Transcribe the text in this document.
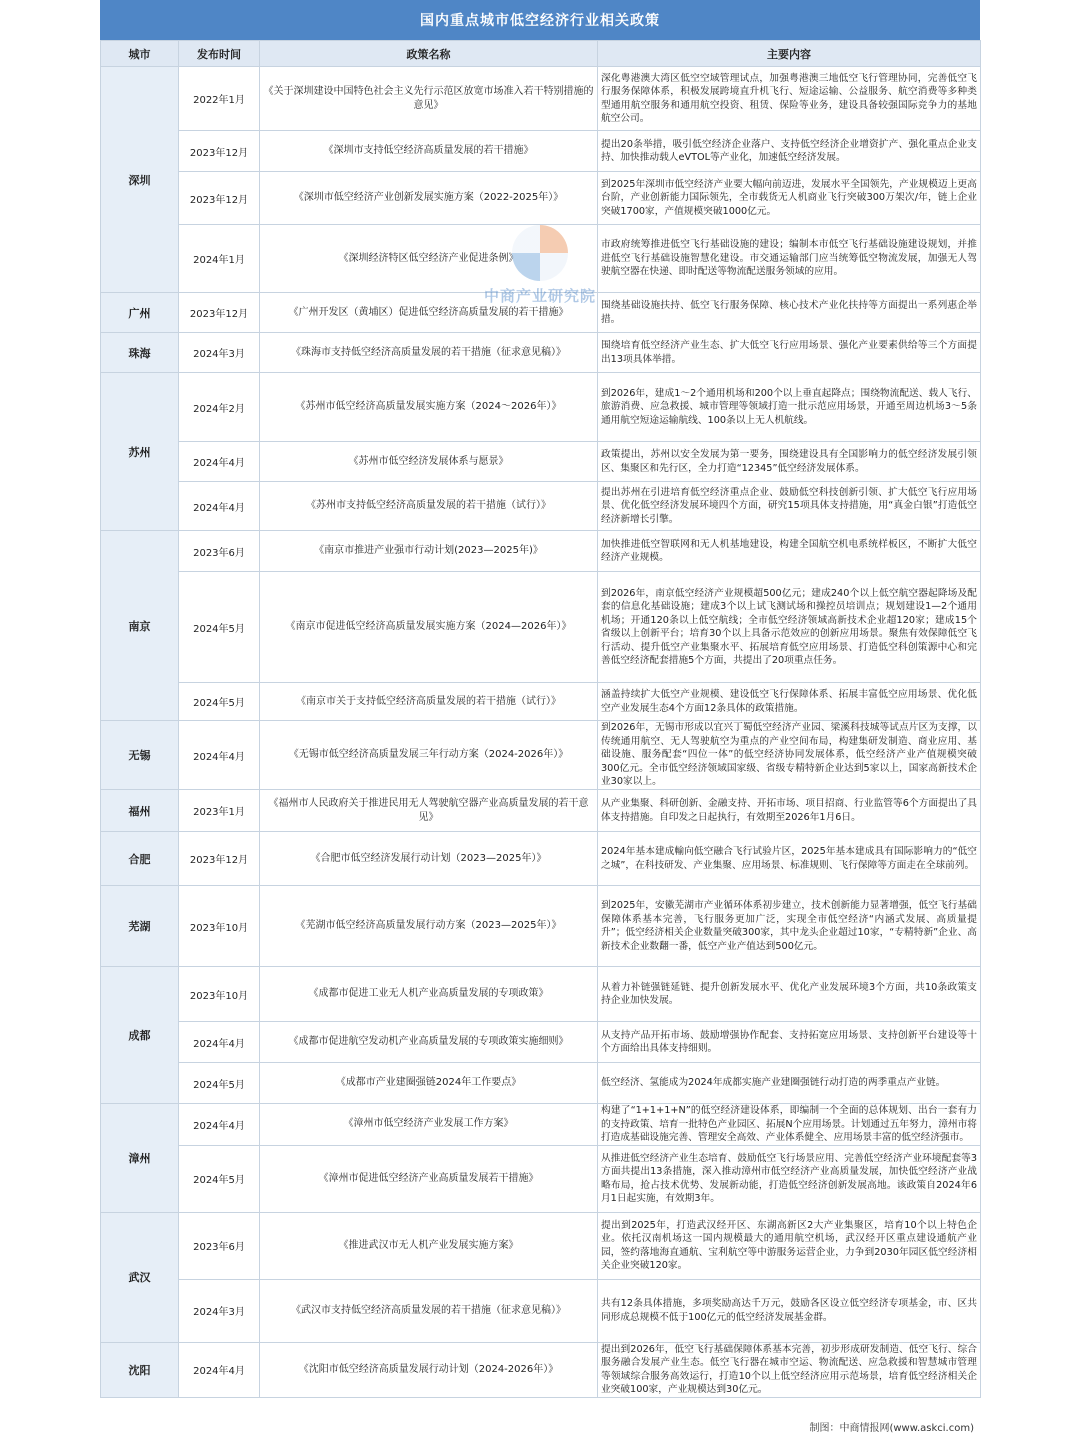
国内重点城市低空经济行业相关政策
城市	发布时间	政策名称	主要内容
深圳	2022年1月	《关于深圳建设中国特色社会主义先行示范区放宽市场准入若干特别措施的意见》	深化粤港澳大湾区低空空域管理试点，加强粤港澳三地低空飞行管理协同，完善低空飞行服务保障体系，积极发展跨境直升机飞行、短途运输、公益服务、航空消费等多种类型通用航空服务和通用航空投资、租赁、保险等业务，建设具备较强国际竞争力的基地航空公司。
	2023年12月	《深圳市支持低空经济高质量发展的若干措施》	提出20条举措，吸引低空经济企业落户、支持低空经济企业增资扩产、强化重点企业支持、加快推动载人eVTOL等产业化，加速低空经济发展。
	2023年12月	《深圳市低空经济产业创新发展实施方案（2022-2025年）》	到2025年深圳市低空经济产业要大幅向前迈进，发展水平全国领先，产业规模迈上更高台阶，产业创新能力国际领先，全市载货无人机商业飞行突破300万架次/年，链上企业突破1700家，产值规模突破1000亿元。
	2024年1月	《深圳经济特区低空经济产业促进条例》	市政府统筹推进低空飞行基础设施的建设；编制本市低空飞行基础设施建设规划，并推进低空飞行基础设施智慧化建设。市交通运输部门应当统筹低空物流发展，加强无人驾驶航空器在快递、即时配送等物流配送服务领域的应用。
广州	2023年12月	《广州开发区（黄埔区）促进低空经济高质量发展的若干措施》	围绕基础设施扶持、低空飞行服务保障、核心技术产业化扶持等方面提出一系列惠企举措。
珠海	2024年3月	《珠海市支持低空经济高质量发展的若干措施（征求意见稿）》	围绕培育低空经济产业生态、扩大低空飞行应用场景、强化产业要素供给等三个方面提出13项具体举措。
苏州	2024年2月	《苏州市低空经济高质量发展实施方案（2024～2026年）》	到2026年，建成1～2个通用机场和200个以上垂直起降点；围绕物流配送、载人飞行、旅游消费、应急救援、城市管理等领域打造一批示范应用场景，开通至周边机场3～5条通用航空短途运输航线、100条以上无人机航线。
	2024年4月	《苏州市低空经济发展体系与愿景》	政策提出，苏州以安全发展为第一要务，围绕建设具有全国影响力的低空经济发展引领区、集聚区和先行区，全力打造“12345”低空经济发展体系。
	2024年4月	《苏州市支持低空经济高质量发展的若干措施（试行）》	提出苏州在引进培育低空经济重点企业、鼓励低空科技创新引领、扩大低空飞行应用场景、优化低空经济发展环境四个方面，研究15项具体支持措施，用“真金白银”打造低空经济新增长引擎。
南京	2023年6月	《南京市推进产业强市行动计划(2023—2025年)》	加快推进低空智联网和无人机基地建设，构建全国航空机电系统样板区，不断扩大低空经济产业规模。
	2024年5月	《南京市促进低空经济高质量发展实施方案（2024—2026年）》	到2026年，南京低空经济产业规模超500亿元；建成240个以上低空航空器起降场及配套的信息化基础设施；建成3个以上试飞测试场和操控员培训点；规划建设1—2个通用机场；开通120条以上低空航线；全市低空经济领域高新技术企业超120家；建成15个省级以上创新平台；培育30个以上具备示范效应的创新应用场景。聚焦有效保障低空飞行活动、提升低空产业集聚水平、拓展培育低空应用场景、打造低空科创策源中心和完善低空经济配套措施5个方面，共提出了20项重点任务。
	2024年5月	《南京市关于支持低空经济高质量发展的若干措施（试行）》	涵盖持续扩大低空产业规模、建设低空飞行保障体系、拓展丰富低空应用场景、优化低空产业发展生态4个方面12条具体的政策措施。
无锡	2024年4月	《无锡市低空经济高质量发展三年行动方案（2024-2026年）》	到2026年，无锡市形成以宜兴丁蜀低空经济产业园、梁溪科技城等试点片区为支撑，以传统通用航空、无人驾驶航空为重点的产业空间布局，构建集研发制造、商业应用、基础设施、服务配套“四位一体”的低空经济协同发展体系，低空经济产业产值规模突破300亿元。全市低空经济领域国家级、省级专精特新企业达到5家以上，国家高新技术企业30家以上。
福州	2023年1月	《福州市人民政府关于推进民用无人驾驶航空器产业高质量发展的若干意见》	从产业集聚、科研创新、金融支持、开拓市场、项目招商、行业监管等6个方面提出了具体支持措施。自印发之日起执行，有效期至2026年1月6日。
合肥	2023年12月	《合肥市低空经济发展行动计划（2023—2025年）》	2024年基本建成輸向低空融合飞行试验片区，2025年基本建成具有国际影响力的“低空之城”，在科技研发、产业集聚、应用场景、标准规则、飞行保障等方面走在全球前列。
芜湖	2023年10月	《芜湖市低空经济高质量发展行动方案（2023—2025年）》	到2025年，安徽芜湖市产业循环体系初步建立，技术创新能力显著增强，低空飞行基础保障体系基本完善，飞行服务更加广泛，实现全市低空经济“内涵式发展、高质量提升”；低空经济相关企业数量突破300家，其中龙头企业超过10家，“专精特新”企业、高新技术企业数翻一番，低空产业产值达到500亿元。
成都	2023年10月	《成都市促进工业无人机产业高质量发展的专项政策》	从着力补链强链延链、提升创新发展水平、优化产业发展环境3个方面，共10条政策支持企业加快发展。
	2024年4月	《成都市促进航空发动机产业高质量发展的专项政策实施细则》	从支持产品开拓市场、鼓励增强协作配套、支持拓宽应用场景、支持创新平台建设等十个方面给出具体支持细则。
	2024年5月	《成都市产业建圈强链2024年工作要点》	低空经济、氢能成为2024年成都实施产业建圈强链行动打造的两季重点产业链。
漳州	2024年4月	《漳州市低空经济产业发展工作方案》	构建了“1+1+1+N”的低空经济建设体系，即编制一个全面的总体规划、出台一套有力的支持政策、培育一批特色产业园区、拓展N个应用场景。计划通过五年努力，漳州市将打造成基础设施完善、管理安全高效、产业体系健全、应用场景丰富的低空经济强市。
	2024年5月	《漳州市促进低空经济产业高质量发展若干措施》	从推进低空经济产业生态培育、鼓励低空飞行场景应用、完善低空经济产业环境配套等3方面共提出13条措施，深入推动漳州市低空经济产业高质量发展，加快低空经济产业战略布局，抢占技术优势、发展新动能，打造低空经济创新发展高地。该政策自2024年6月1日起实施，有效期3年。
武汉	2023年6月	《推进武汉市无人机产业发展实施方案》	提出到2025年，打造武汉经开区、东湖高新区2大产业集聚区，培育10个以上特色企业。依托汉南机场这一国内规模最大的通用航空机场，武汉经开区重点建设通航产业园，签约落地海直通航、宝利航空等中游服务运营企业，力争到2030年园区低空经济相关企业突破120家。
	2024年3月	《武汉市支持低空经济高质量发展的若干措施（征求意见稿）》	共有12条具体措施，多项奖励高达千万元，鼓励各区设立低空经济专项基金，市、区共同形成总规模不低于100亿元的低空经济发展基金群。
沈阳	2024年4月	《沈阳市低空经济高质量发展行动计划（2024-2026年）》	提出到2026年，低空飞行基础保障体系基本完善，初步形成研发制造、低空飞行、综合服务融合发展产业生态。低空飞行器在城市空运、物流配送、应急救援和智慧城市管理等领域综合服务高效运行，打造10个以上低空经济应用示范场景，培育低空经济相关企业突破100家，产业规模达到30亿元。
中商产业研究院
制图：中商情报网(www.askci.com)
